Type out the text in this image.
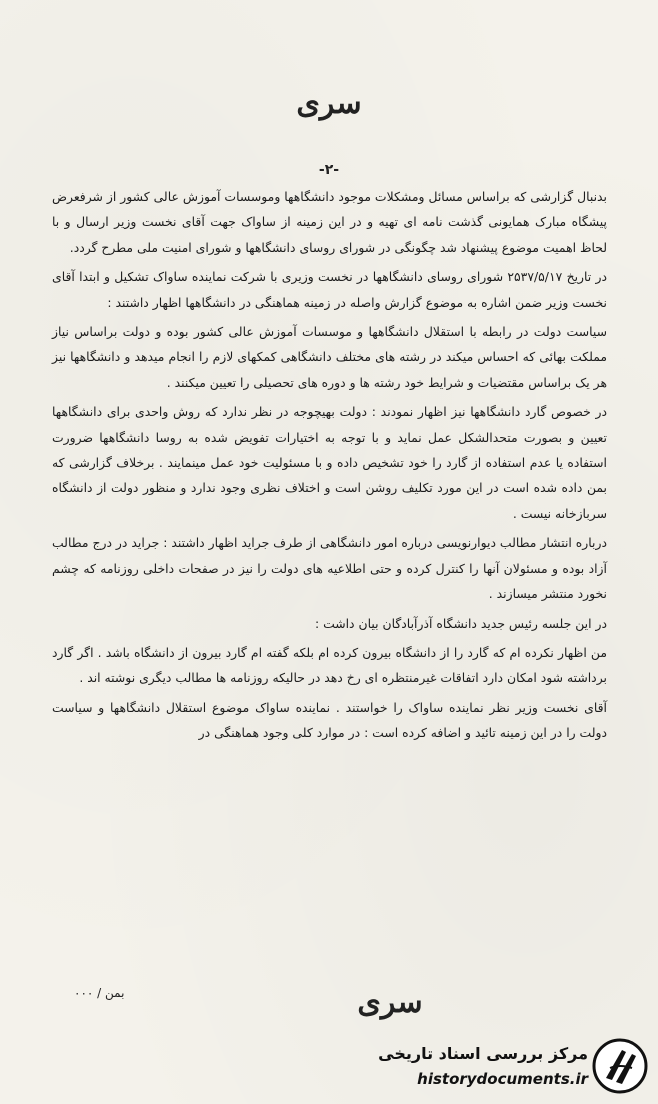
سری
-۲-

بدنبال گزارشی که براساس مسائل ومشکلات موجود دانشگاهها وموسسات آموزش عالی کشور از شرفعرض پیشگاه مبارک همایونی گذشت نامه ای تهیه و در این زمینه از ساواک جهت آقای نخست وزیر ارسال و با لحاظ اهمیت موضوع پیشنهاد شد چگونگی در شورای روسای دانشگاهها و شورای امنیت ملی مطرح گردد.

در تاریخ ۲۵۳۷/۵/۱۷ شورای روسای دانشگاهها در نخست وزیری با شرکت نماینده ساواک تشکیل و ابتدا آقای نخست وزیر ضمن اشاره به موضوع گزارش واصله در زمینه هماهنگی در دانشگاهها اظهار داشتند :

سیاست دولت در رابطه با استقلال دانشگاهها و موسسات آموزش عالی کشور بوده و دولت براساس نیاز مملکت بهائی که احساس میکند در رشته های مختلف دانشگاهی کمکهای لازم را انجام میدهد و دانشگاهها نیز هر یک براساس مقتضیات و شرایط خود رشته ها و دوره های تحصیلی را تعیین میکنند .

در خصوص گارد دانشگاهها نیز اظهار نمودند : دولت بهیچوجه در نظر ندارد که روش واحدی برای دانشگاهها تعیین و بصورت متحدالشکل عمل نماید و با توجه به اختیارات تفویض شده به روسا دانشگاهها ضرورت استفاده یا عدم استفاده از گارد را خود تشخیص داده و با مسئولیت خود عمل مینمایند . برخلاف گزارشی که بمن داده شده است در این مورد تکلیف روشن است و اختلاف نظری وجود ندارد و منظور دولت از دانشگاه سربازخانه نیست .

درباره انتشار مطالب دیوارنویسی درباره امور دانشگاهی از طرف جراید اظهار داشتند : جراید در درج مطالب آزاد بوده و مسئولان آنها را کنترل کرده و حتی اطلاعیه های دولت را نیز در صفحات داخلی روزنامه که چشم نخورد منتشر میسازند .

در این جلسه رئیس جدید دانشگاه آذرآبادگان بیان داشت :

من اظهار نکرده ام که گارد را از دانشگاه بیرون کرده ام بلکه گفته ام گارد بیرون از دانشگاه باشد . اگر گارد برداشته شود امکان دارد اتفاقات غیرمنتظره ای رخ دهد در حالیکه روزنامه ها مطالب دیگری نوشته اند .

آقای نخست وزیر نظر نماینده ساواک را خواستند . نماینده ساواک موضوع استقلال دانشگاهها و سیاست دولت را در این زمینه تائید و اضافه کرده است : در موارد کلی وجود هماهنگی در

بمن / ۰۰۰	سری
مرکز بررسی اسناد تاریخی
historydocuments.ir
